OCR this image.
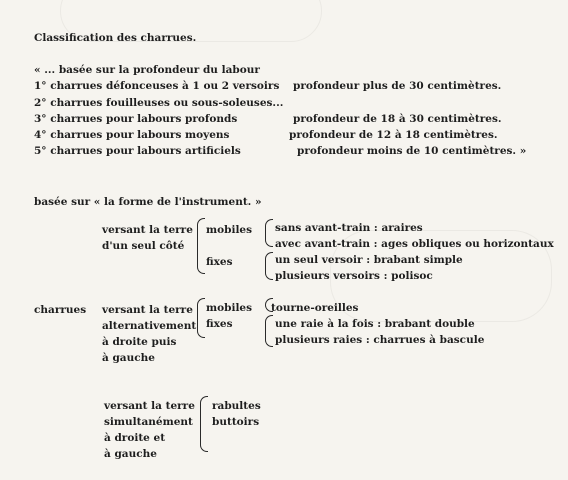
Classification des charrues.
« ... basée sur la profondeur du labour
1° charrues défonceuses à 1 ou 2 versoirs profondeur plus de 30 centimètres.
2° charrues fouilleuses ou sous-soleuses...
3° charrues pour labours profonds	profondeur de 18 à 30 centimètres.
4° charrues pour labours moyens	profondeur de 12 à 18 centimètres.
5° charrues pour labours artificiels	profondeur moins de 10 centimètres. »
basée sur « la forme de l'instrument. »
versant la terre
d'un seul côté
mobiles
fixes
sans avant-train : araires
avec avant-train : ages obliques ou horizontaux
un seul versoir : brabant simple
plusieurs versoirs : polisoc
charrues versant la terre
alternativement
à droite puis
à gauche
mobiles
fixes
tourne-oreilles
une raie à la fois : brabant double
plusieurs raies : charrues à bascule
versant la terre
simultanément
à droite et
à gauche
rabultes
buttoirs
